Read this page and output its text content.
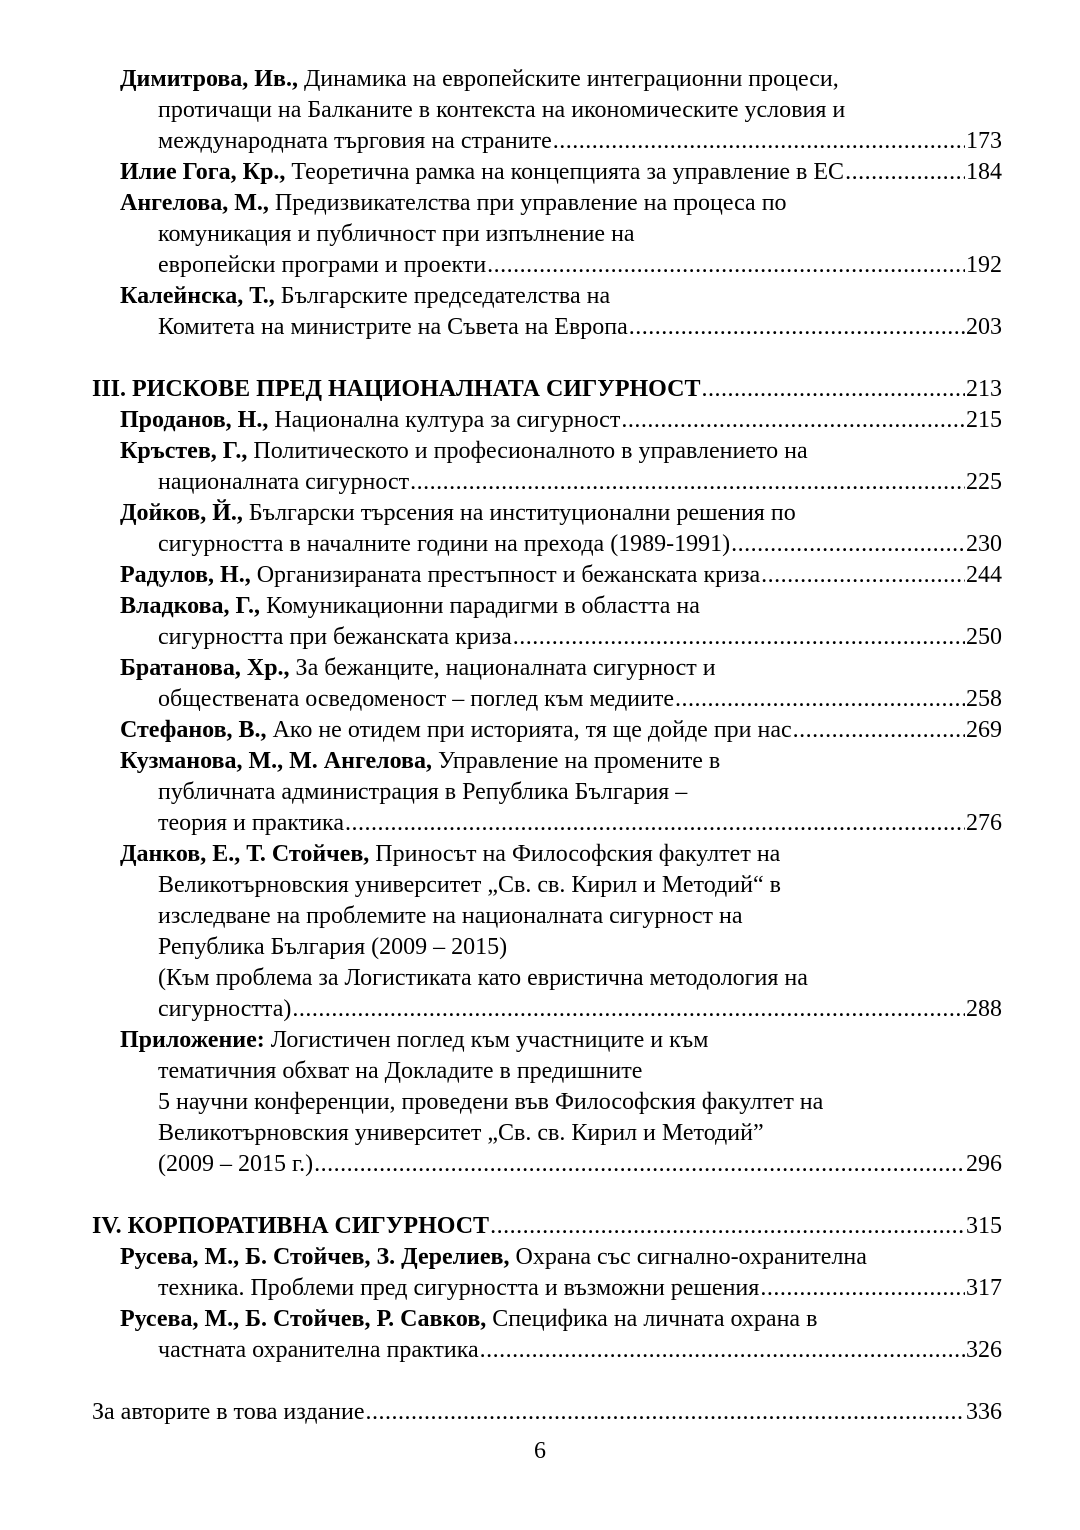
Димитрова, Ив., Динамика на европейските интеграционни процеси,
протичащи на Балканите в контекста на икономическите условия и
международната търговия на страните .....	173
Илие Гога, Кр., Теоретична рамка на концепцията за управление в ЕС .....	184
Ангелова, М., Предизвикателства при управление на процеса по
комуникация и публичност при изпълнение на
европейски програми и проекти .....	192
Калейнска, Т., Българските председателства на
Комитета на министрите на Съвета на Европа .....	203
III. РИСКОВЕ ПРЕД НАЦИОНАЛНАТА СИГУРНОСТ .....	213
Проданов, Н., Национална култура за сигурност .....	215
Кръстев, Г., Политическото и професионалното в управлението на
националната сигурност .....	225
Дойков, Й., Български търсения на институционални решения по
сигурността в началните години на прехода (1989-1991) .....	230
Радулов, Н., Организираната престъпност и бежанската криза .....	244
Владкова, Г., Комуникационни парадигми в областта на
сигурността при бежанската криза .....	250
Братанова, Хр., За бежанците, националната сигурност и
обществената осведоменост – поглед към медиите .....	258
Стефанов, В., Ако не отидем при историята, тя ще дойде при нас .....	269
Кузманова, М., М. Ангелова, Управление на промените в
публичната администрация в Република България –
теория и практика .....	276
Данков, Е., Т. Стойчев, Приносът на Философския факултет на
Великотърновския университет „Св. св. Кирил и Методий“ в
изследване на проблемите на националната сигурност на
Република България (2009 – 2015)
(Към проблема за Логистиката като евристична методология на
сигурността) .....	288
Приложение: Логистичен поглед към участниците и към
тематичния обхват на Докладите в предишните
5 научни конференции, проведени във Философския факултет на
Великотърновския университет „Св. св. Кирил и Методий”
(2009 – 2015 г.) .....	296
IV. КОРПОРАТИВНА СИГУРНОСТ .....	315
Русева, М., Б. Стойчев, З. Дерелиев, Охрана със сигнално-охранителна
техника. Проблеми пред сигурността и възможни решения .....	317
Русева, М., Б. Стойчев, Р. Савков, Специфика на личната охрана в
частната охранителна практика .....	326
За авторите в това издание .....	336
6
